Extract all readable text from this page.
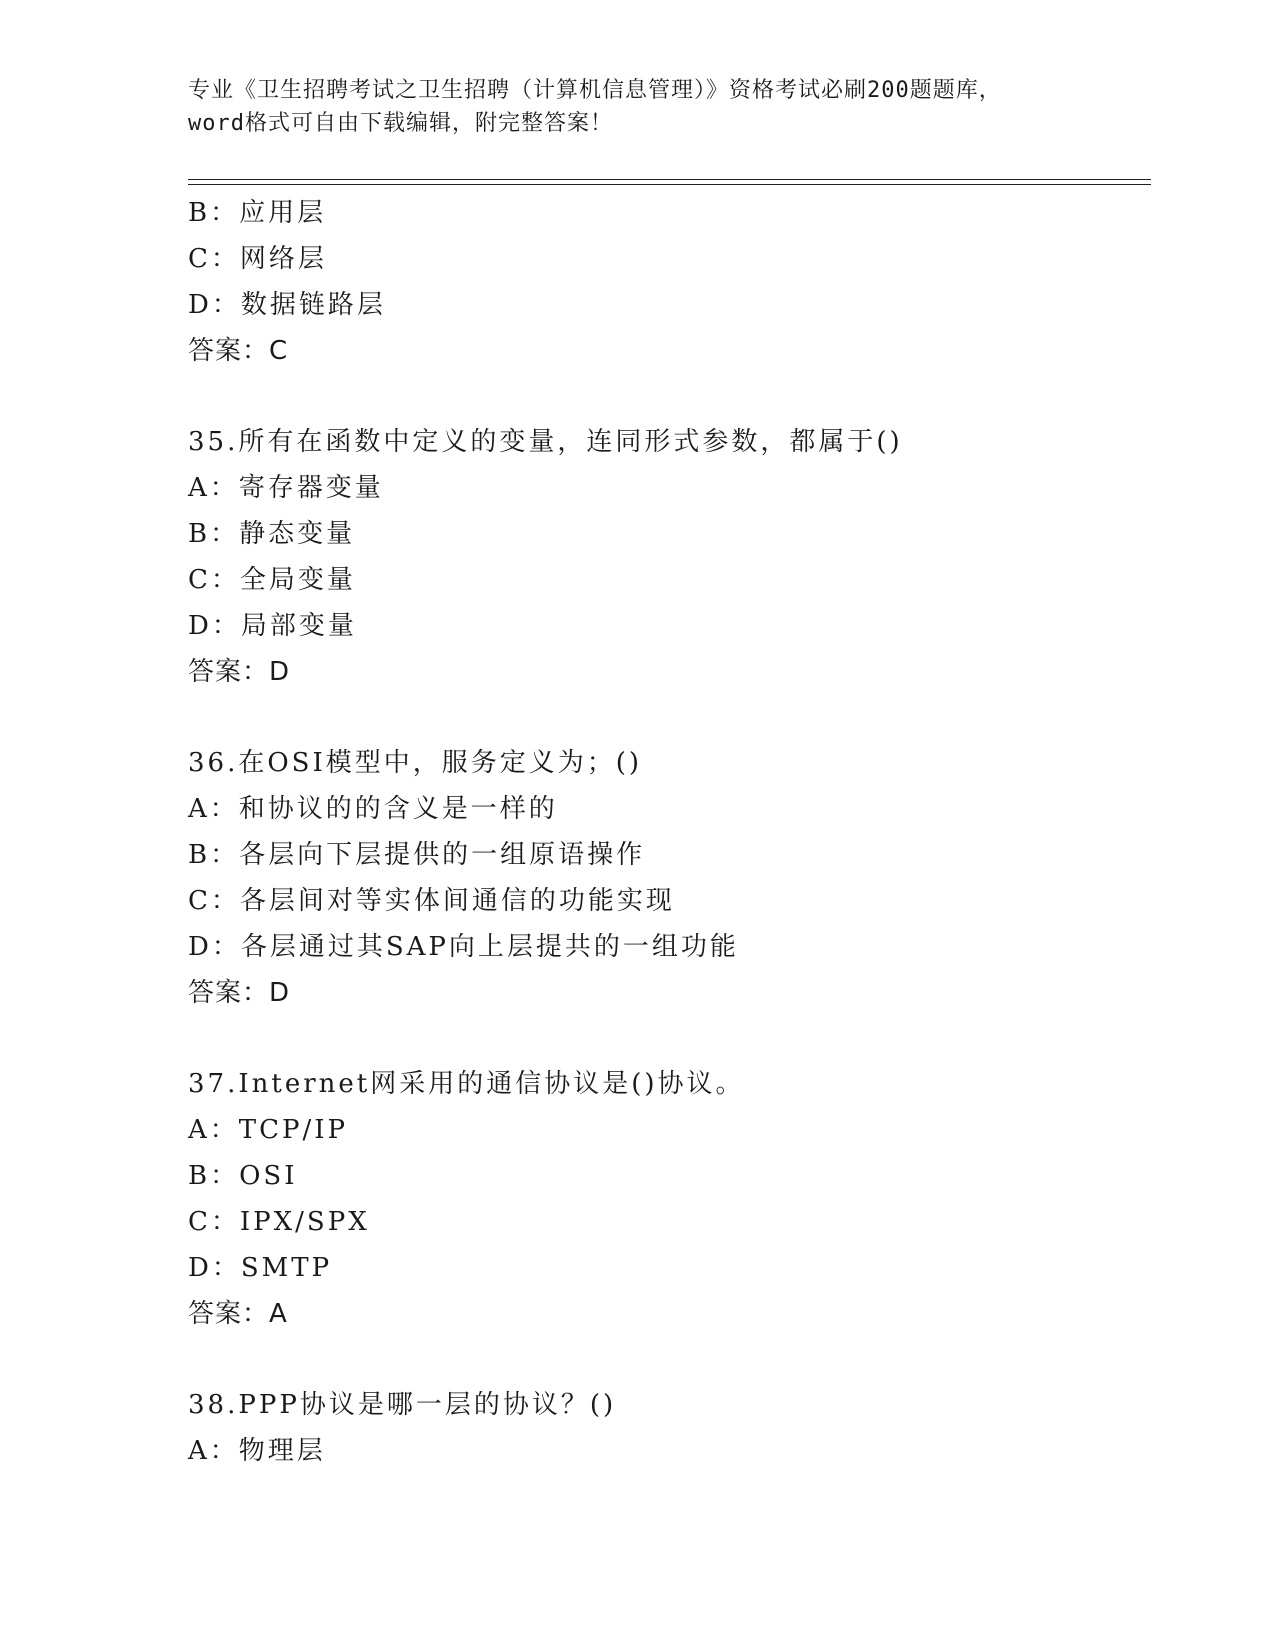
专业《卫生招聘考试之卫生招聘（计算机信息管理）》资格考试必刷200题题库，
word格式可自由下载编辑，附完整答案！
B：应用层
C：网络层
D：数据链路层
答案：C
35.所有在函数中定义的变量，连同形式参数，都属于()
A：寄存器变量
B：静态变量
C：全局变量
D：局部变量
答案：D
36.在OSI模型中，服务定义为；()
A：和协议的的含义是一样的
B：各层向下层提供的一组原语操作
C：各层间对等实体间通信的功能实现
D：各层通过其SAP向上层提共的一组功能
答案：D
37.Internet网采用的通信协议是()协议。
A：TCP/IP
B：OSI
C：IPX/SPX
D：SMTP
答案：A
38.PPP协议是哪一层的协议？()
A：物理层
